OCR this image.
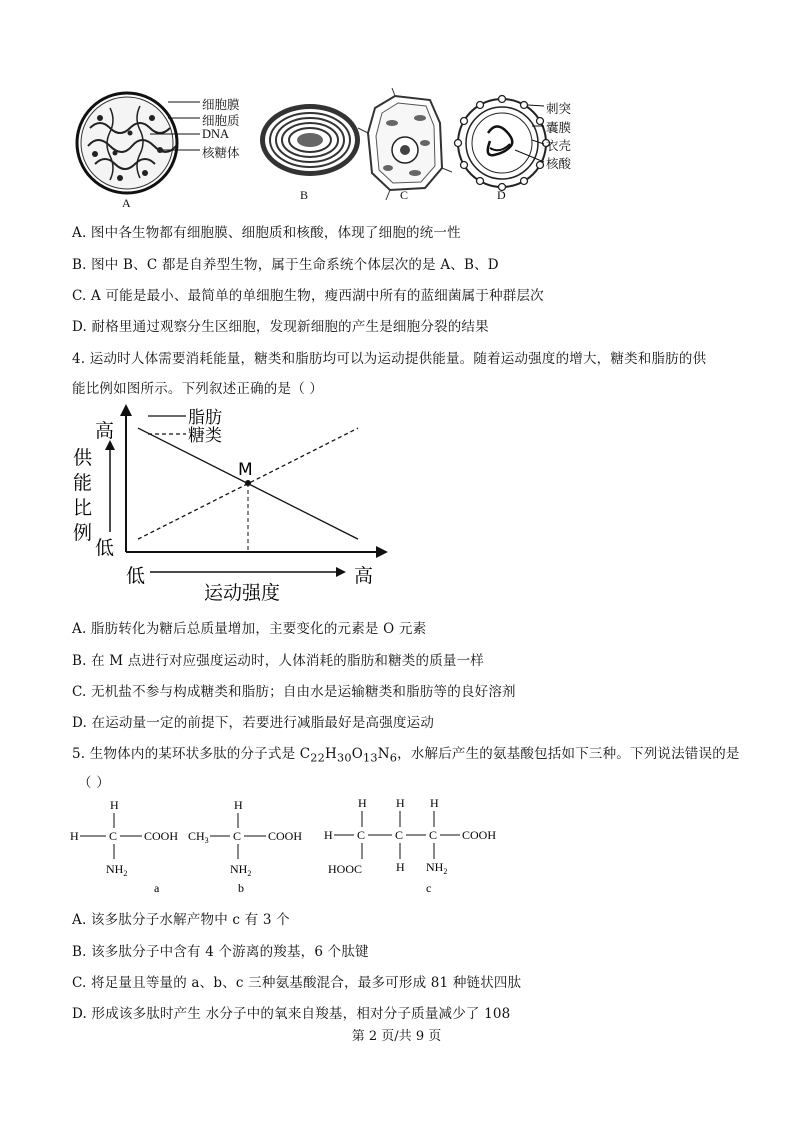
细胞膜
细胞质
DNA
核糖体
刺突
囊膜
衣壳
核酸
A
B	C	D
A. 图中各生物都有细胞膜、细胞质和核酸，体现了细胞的统一性
B. 图中 B、C 都是自养型生物，属于生命系统个体层次的是 A、B、D
C. A 可能是最小、最简单的单细胞生物，瘦西湖中所有的蓝细菌属于种群层次
D. 耐格里通过观察分生区细胞，发现新细胞的产生是细胞分裂的结果
4. 运动时人体需要消耗能量，糖类和脂肪均可以为运动提供能量。随着运动强度的增大，糖类和脂肪的供
能比例如图所示。下列叙述正确的是（ ）
脂肪
糖类
M
高
低
低	高
运动强度
供
能
比
例
A. 脂肪转化为糖后总质量增加，主要变化的元素是 O 元素
B. 在 M 点进行对应强度运动时，人体消耗的脂肪和糖类的质量一样
C. 无机盐不参与构成糖类和脂肪；自由水是运输糖类和脂肪等的良好溶剂
D. 在运动量一定的前提下，若要进行减脂最好是高强度运动
5. 生物体内的某环状多肽的分子式是 $C_{22}H_{30}O_{13}N_6$，水解后产生的氨基酸包括如下三种。下列说法错误的是
（ ）
H
H	C COOH
$NH_2$
a
H
$CH_3$ C COOH
$NH_2$
b
H H H
H C C C COOH
HOOC	H $NH_2$
c
A. 该多肽分子水解产物中 c 有 3 个
B. 该多肽分子中含有 4 个游离的羧基，6 个肽键
C. 将足量且等量的 a、b、c 三种氨基酸混合，最多可形成 81 种链状四肽
D. 形成该多肽时产生 水分子中的氧来自羧基，相对分子质量减少了 108
第 2 页/共 9 页
